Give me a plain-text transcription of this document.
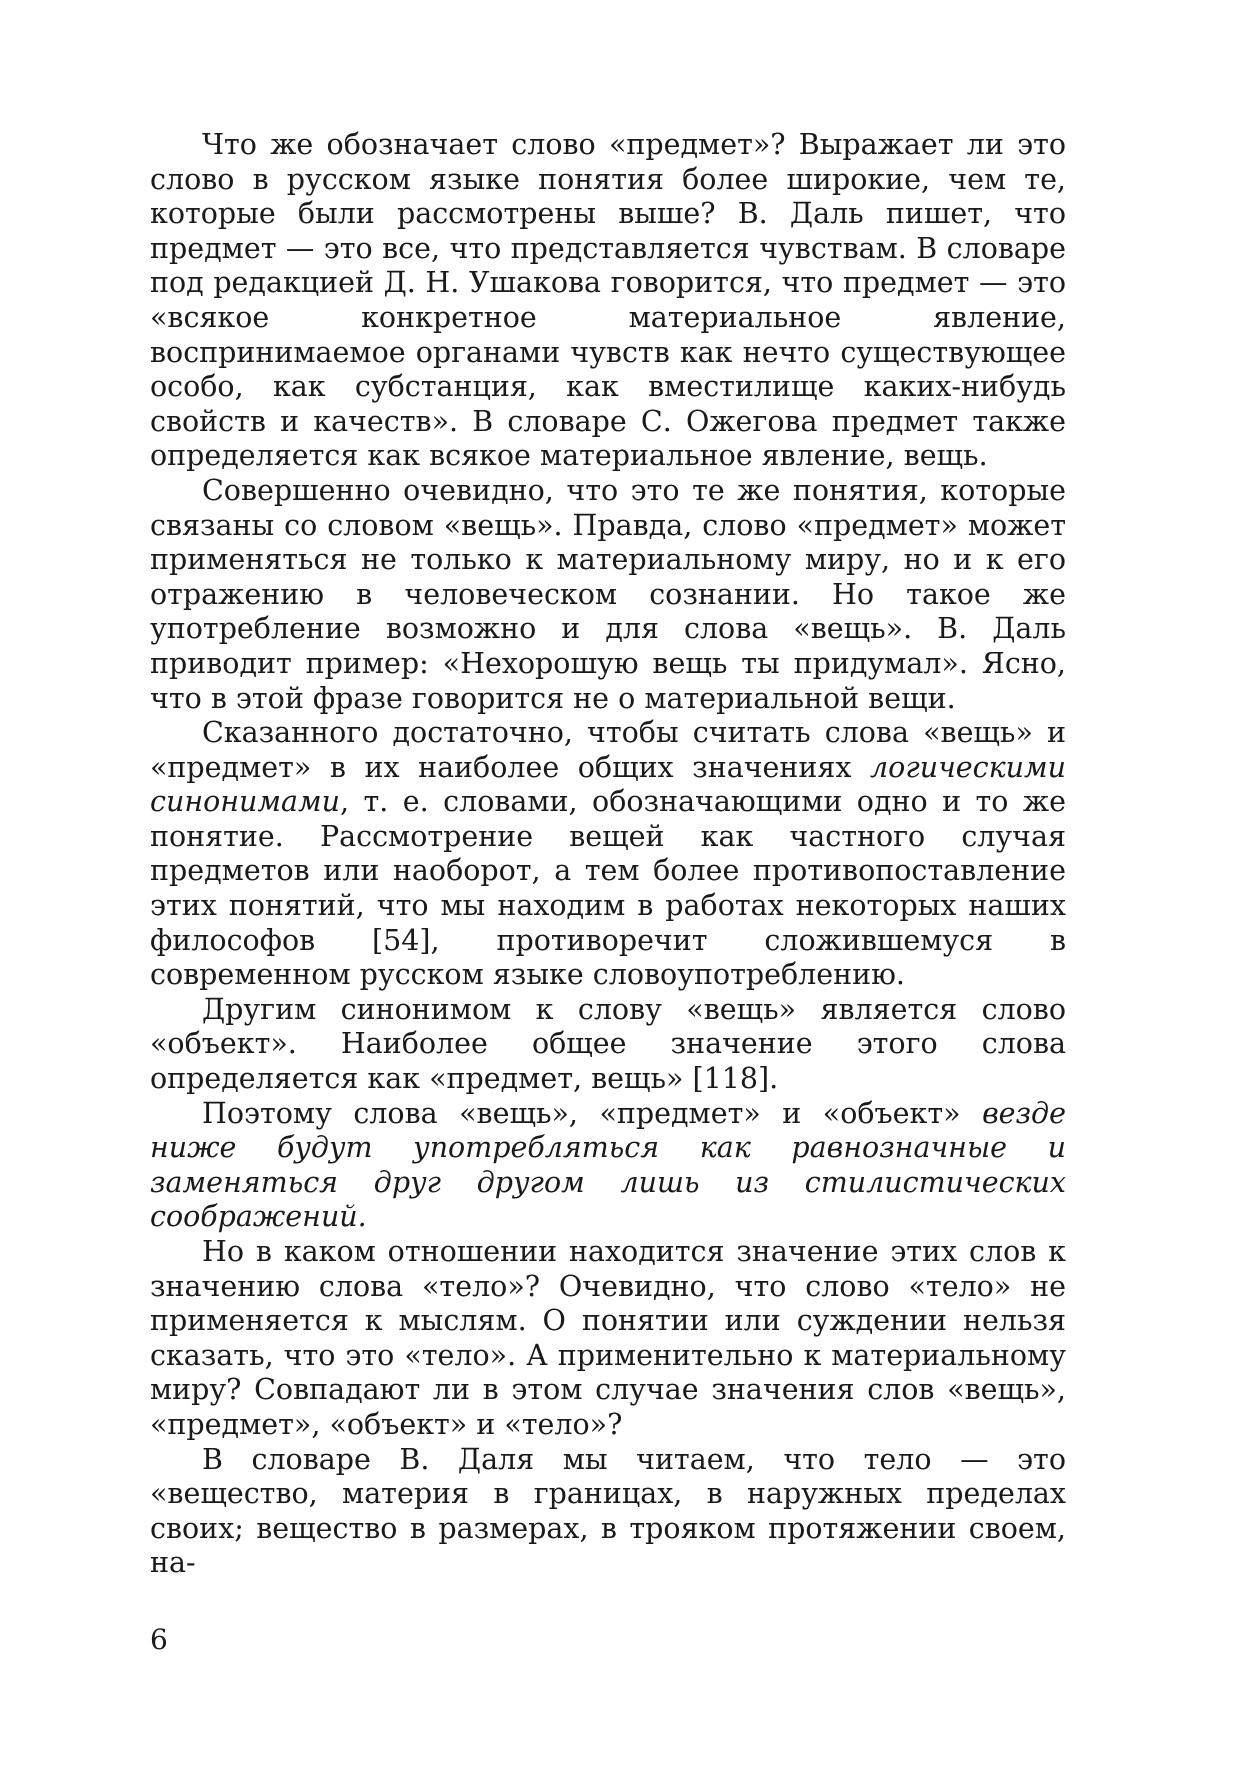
Что же обозначает слово «предмет»? Выражает ли это слово в русском языке понятия более широкие, чем те, которые были рассмотрены выше? В. Даль пишет, что предмет — это все, что представляется чувствам. В словаре под редакцией Д. Н. Ушакова говорится, что предмет — это «всякое конкретное материальное явление, воспринимаемое органами чувств как нечто существующее особо, как субстанция, как вместилище каких-нибудь свойств и качеств». В словаре С. Ожегова предмет также определяется как всякое материальное явление, вещь.

Совершенно очевидно, что это те же понятия, которые связаны со словом «вещь». Правда, слово «предмет» может применяться не только к материальному миру, но и к его отражению в человеческом сознании. Но такое же употребление возможно и для слова «вещь». В. Даль приводит пример: «Нехорошую вещь ты придумал». Ясно, что в этой фразе говорится не о материальной вещи.

Сказанного достаточно, чтобы считать слова «вещь» и «предмет» в их наиболее общих значениях логическими синонимами, т. е. словами, обозначающими одно и то же понятие. Рассмотрение вещей как частного случая предметов или наоборот, а тем более противопоставление этих понятий, что мы находим в работах некоторых наших философов [54], противоречит сложившемуся в современном русском языке словоупотреблению.

Другим синонимом к слову «вещь» является слово «объект». Наиболее общее значение этого слова определяется как «предмет, вещь» [118].

Поэтому слова «вещь», «предмет» и «объект» везде ниже будут употребляться как равнозначные и заменяться друг другом лишь из стилистических соображений.

Но в каком отношении находится значение этих слов к значению слова «тело»? Очевидно, что слово «тело» не применяется к мыслям. О понятии или суждении нельзя сказать, что это «тело». А применительно к материальному миру? Совпадают ли в этом случае значения слов «вещь», «предмет», «объект» и «тело»?

В словаре В. Даля мы читаем, что тело — это «вещество, материя в границах, в наружных пределах своих; вещество в размерах, в трояком протяжении своем, на-

6
